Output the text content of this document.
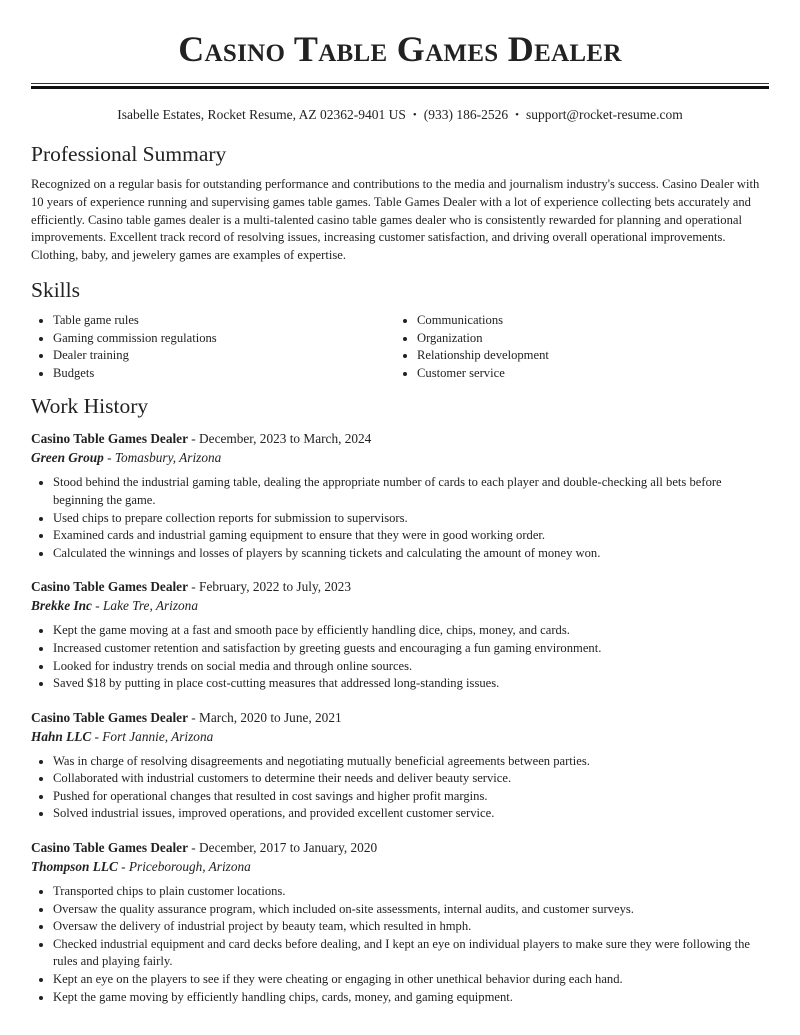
Casino Table Games Dealer
Isabelle Estates, Rocket Resume, AZ 02362-9401 US • (933) 186-2526 • support@rocket-resume.com
Professional Summary

Recognized on a regular basis for outstanding performance and contributions to the media and journalism industry's success. Casino Dealer with 10 years of experience running and supervising games table games. Table Games Dealer with a lot of experience collecting bets accurately and efficiently. Casino table games dealer is a multi-talented casino table games dealer who is consistently rewarded for planning and operational improvements. Excellent track record of resolving issues, increasing customer satisfaction, and driving overall operational improvements. Clothing, baby, and jewelery games are examples of expertise.

Skills
• Table game rules
• Gaming commission regulations
• Dealer training
• Budgets
• Communications
• Organization
• Relationship development
• Customer service
Work History
Casino Table Games Dealer - December, 2023 to March, 2024
Green Group - Tomasbury, Arizona
• Stood behind the industrial gaming table, dealing the appropriate number of cards to each player and double-checking all bets before beginning the game.
• Used chips to prepare collection reports for submission to supervisors.
• Examined cards and industrial gaming equipment to ensure that they were in good working order.
• Calculated the winnings and losses of players by scanning tickets and calculating the amount of money won.
Casino Table Games Dealer - February, 2022 to July, 2023
Brekke Inc - Lake Tre, Arizona
• Kept the game moving at a fast and smooth pace by efficiently handling dice, chips, money, and cards.
• Increased customer retention and satisfaction by greeting guests and encouraging a fun gaming environment.
• Looked for industry trends on social media and through online sources.
• Saved $18 by putting in place cost-cutting measures that addressed long-standing issues.
Casino Table Games Dealer - March, 2020 to June, 2021
Hahn LLC - Fort Jannie, Arizona
• Was in charge of resolving disagreements and negotiating mutually beneficial agreements between parties.
• Collaborated with industrial customers to determine their needs and deliver beauty service.
• Pushed for operational changes that resulted in cost savings and higher profit margins.
• Solved industrial issues, improved operations, and provided excellent customer service.
Casino Table Games Dealer - December, 2017 to January, 2020
Thompson LLC - Priceborough, Arizona
• Transported chips to plain customer locations.
• Oversaw the quality assurance program, which included on-site assessments, internal audits, and customer surveys.
• Oversaw the delivery of industrial project by beauty team, which resulted in hmph.
• Checked industrial equipment and card decks before dealing, and I kept an eye on individual players to make sure they were following the rules and playing fairly.
• Kept an eye on the players to see if they were cheating or engaging in other unethical behavior during each hand.
• Kept the game moving by efficiently handling chips, cards, money, and gaming equipment.
